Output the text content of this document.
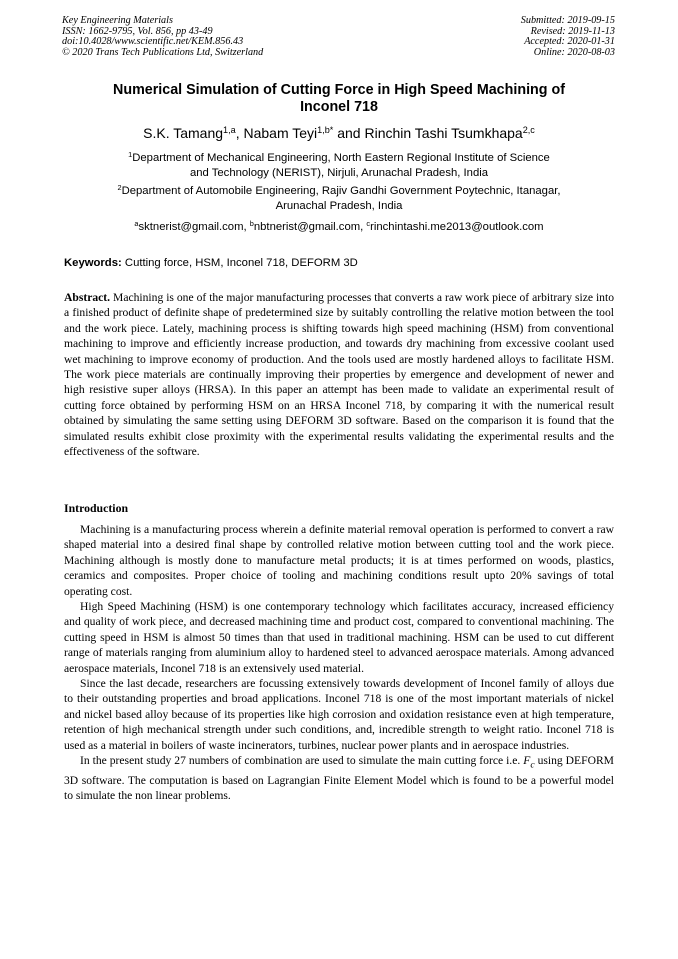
Key Engineering Materials
ISSN: 1662-9795, Vol. 856, pp 43-49
doi:10.4028/www.scientific.net/KEM.856.43
© 2020 Trans Tech Publications Ltd, Switzerland
Submitted: 2019-09-15
Revised: 2019-11-13
Accepted: 2020-01-31
Online: 2020-08-03
Numerical Simulation of Cutting Force in High Speed Machining of
Inconel 718
S.K. Tamang$^{1,a}$, Nabam Teyi$^{1,b*}$ and Rinchin Tashi Tsumkhapa$^{2,c}$
$^1$Department of Mechanical Engineering, North Eastern Regional Institute of Science
and Technology (NERIST), Nirjuli, Arunachal Pradesh, India
$^2$Department of Automobile Engineering, Rajiv Gandhi Government Poytechnic, Itanagar,
Arunachal Pradesh, India
$^a$sktnerist@gmail.com, $^b$nbtnerist@gmail.com, $^c$rinchintashi.me2013@outlook.com
Keywords: Cutting force, HSM, Inconel 718, DEFORM 3D
Abstract. Machining is one of the major manufacturing processes that converts a raw work piece of arbitrary size into a finished product of definite shape of predetermined size by suitably controlling the relative motion between the tool and the work piece. Lately, machining process is shifting towards high speed machining (HSM) from conventional machining to improve and efficiently increase production, and towards dry machining from excessive coolant used wet machining to improve economy of production. And the tools used are mostly hardened alloys to facilitate HSM. The work piece materials are continually improving their properties by emergence and development of newer and high resistive super alloys (HRSA). In this paper an attempt has been made to validate an experimental result of cutting force obtained by performing HSM on an HRSA Inconel 718, by comparing it with the numerical result obtained by simulating the same setting using DEFORM 3D software. Based on the comparison it is found that the simulated results exhibit close proximity with the experimental results validating the experimental results and the effectiveness of the software.
Introduction

Machining is a manufacturing process wherein a definite material removal operation is performed to convert a raw shaped material into a desired final shape by controlled relative motion between cutting tool and the work piece. Machining although is mostly done to manufacture metal products; it is at times performed on woods, plastics, ceramics and composites. Proper choice of tooling and machining conditions result upto 20% savings of total operating cost.

High Speed Machining (HSM) is one contemporary technology which facilitates accuracy, increased efficiency and quality of work piece, and decreased machining time and product cost, compared to conventional machining. The cutting speed in HSM is almost 50 times than that used in traditional machining. HSM can be used to cut different range of materials ranging from aluminium alloy to hardened steel to advanced aerospace materials. Among advanced aerospace materials, Inconel 718 is an extensively used material.

Since the last decade, researchers are focussing extensively towards development of Inconel family of alloys due to their outstanding properties and broad applications. Inconel 718 is one of the most important materials of nickel and nickel based alloy because of its properties like high corrosion and oxidation resistance even at high temperature, retention of high mechanical strength under such conditions, and, incredible strength to weight ratio. Inconel 718 is used as a material in boilers of waste incinerators, turbines, nuclear power plants and in aerospace industries.

In the present study 27 numbers of combination are used to simulate the main cutting force i.e. $F_c$ using DEFORM 3D software. The computation is based on Lagrangian Finite Element Model which is found to be a powerful model to simulate the non linear problems.
